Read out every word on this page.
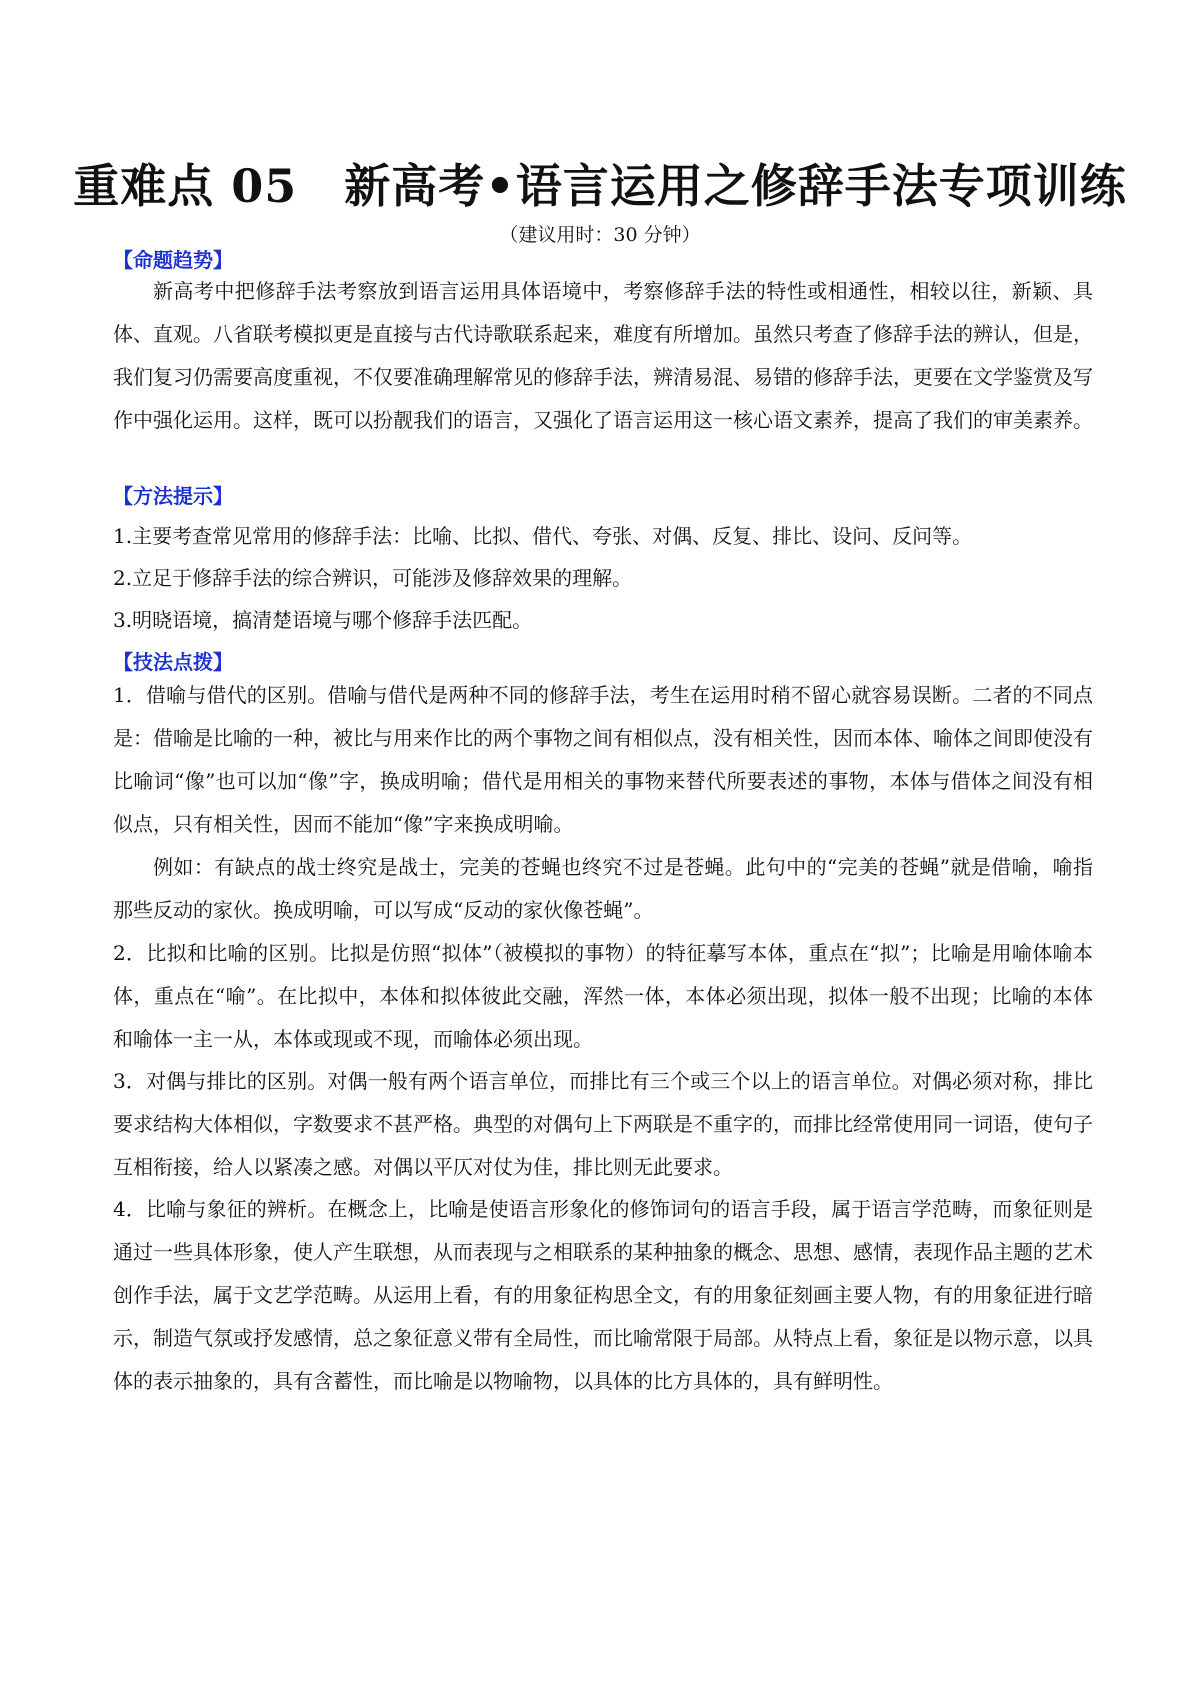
重难点 05　新高考•语言运用之修辞手法专项训练
（建议用时：30 分钟）
【命题趋势】
新高考中把修辞手法考察放到语言运用具体语境中，考察修辞手法的特性或相通性，相较以往，新颖、具体、直观。八省联考模拟更是直接与古代诗歌联系起来，难度有所增加。虽然只考查了修辞手法的辨认，但是，我们复习仍需要高度重视，不仅要准确理解常见的修辞手法，辨清易混、易错的修辞手法，更要在文学鉴赏及写作中强化运用。这样，既可以扮靓我们的语言，又强化了语言运用这一核心语文素养，提高了我们的审美素养。
【方法提示】
1.主要考查常见常用的修辞手法：比喻、比拟、借代、夸张、对偶、反复、排比、设问、反问等。
2.立足于修辞手法的综合辨识，可能涉及修辞效果的理解。
3.明晓语境，搞清楚语境与哪个修辞手法匹配。
【技法点拨】
1．借喻与借代的区别。借喻与借代是两种不同的修辞手法，考生在运用时稍不留心就容易误断。二者的不同点是：借喻是比喻的一种，被比与用来作比的两个事物之间有相似点，没有相关性，因而本体、喻体之间即使没有比喻词“像”也可以加“像”字，换成明喻；借代是用相关的事物来替代所要表述的事物，本体与借体之间没有相似点，只有相关性，因而不能加“像”字来换成明喻。
例如：有缺点的战士终究是战士，完美的苍蝇也终究不过是苍蝇。此句中的“完美的苍蝇”就是借喻，喻指那些反动的家伙。换成明喻，可以写成“反动的家伙像苍蝇”。
2．比拟和比喻的区别。比拟是仿照“拟体”（被模拟的事物）的特征摹写本体，重点在“拟”；比喻是用喻体喻本体，重点在“喻”。在比拟中，本体和拟体彼此交融，浑然一体，本体必须出现，拟体一般不出现；比喻的本体和喻体一主一从，本体或现或不现，而喻体必须出现。
3．对偶与排比的区别。对偶一般有两个语言单位，而排比有三个或三个以上的语言单位。对偶必须对称，排比要求结构大体相似，字数要求不甚严格。典型的对偶句上下两联是不重字的，而排比经常使用同一词语，使句子互相衔接，给人以紧凑之感。对偶以平仄对仗为佳，排比则无此要求。
4．比喻与象征的辨析。在概念上，比喻是使语言形象化的修饰词句的语言手段，属于语言学范畴，而象征则是通过一些具体形象，使人产生联想，从而表现与之相联系的某种抽象的概念、思想、感情，表现作品主题的艺术创作手法，属于文艺学范畴。从运用上看，有的用象征构思全文，有的用象征刻画主要人物，有的用象征进行暗示，制造气氛或抒发感情，总之象征意义带有全局性，而比喻常限于局部。从特点上看，象征是以物示意，以具体的表示抽象的，具有含蓄性，而比喻是以物喻物，以具体的比方具体的，具有鲜明性。
